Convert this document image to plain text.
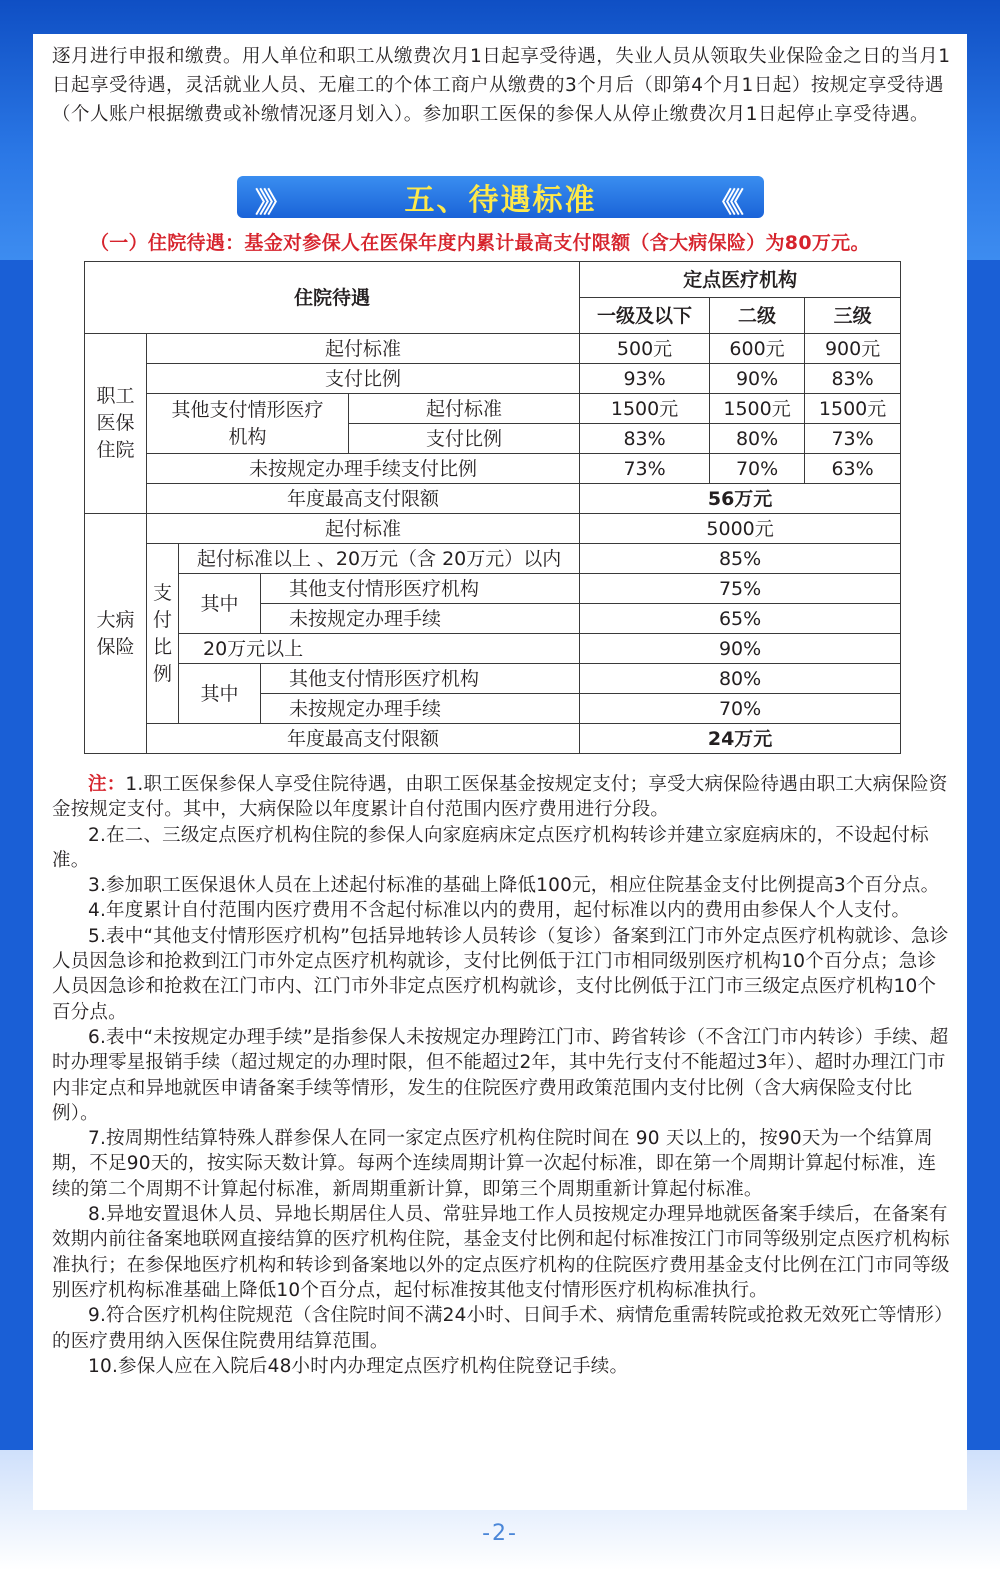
逐月进行申报和缴费。用人单位和职工从缴费次月1日起享受待遇，失业人员从领取失业保险金之日的当月1日起享受待遇，灵活就业人员、无雇工的个体工商户从缴费的3个月后（即第4个月1日起）按规定享受待遇（个人账户根据缴费或补缴情况逐月划入）。参加职工医保的参保人从停止缴费次月1日起停止享受待遇。
》》	五、待遇标准	《《
（一）住院待遇：基金对参保人在医保年度内累计最高支付限额（含大病保险）为80万元。
住院待遇					定点医疗机构		
					一级及以下	二级	三级

职工医保住院	起付标准				500元	600元	900元
	支付比例				93%	90%	83%

	其他支付情形医疗机构			起付标准	1500元	1500元	1500元
				支付比例	83%	80%	73%
	未按规定办理手续支付比例				73%	70%	63%
	年度最高支付限额				56万元		

大病保险	起付标准				5000元		

	支付比例	起付标准以上 、20万元（含 20万元）以内			85%		
		其中	其他支付情形医疗机构		75%		
			未按规定办理手续		65%		
		20万元以上			90%		
		其中	其他支付情形医疗机构		80%		
			未按规定办理手续		70%		
	年度最高支付限额				24万元		

注：1.职工医保参保人享受住院待遇，由职工医保基金按规定支付；享受大病保险待遇由职工大病保险资金按规定支付。其中，大病保险以年度累计自付范围内医疗费用进行分段。

2.在二、三级定点医疗机构住院的参保人向家庭病床定点医疗机构转诊并建立家庭病床的，不设起付标准。

3.参加职工医保退休人员在上述起付标准的基础上降低100元，相应住院基金支付比例提高3个百分点。

4.年度累计自付范围内医疗费用不含起付标准以内的费用，起付标准以内的费用由参保人个人支付。

5.表中“其他支付情形医疗机构”包括异地转诊人员转诊（复诊）备案到江门市外定点医疗机构就诊、急诊人员因急诊和抢救到江门市外定点医疗机构就诊，支付比例低于江门市相同级别医疗机构10个百分点；急诊人员因急诊和抢救在江门市内、江门市外非定点医疗机构就诊，支付比例低于江门市三级定点医疗机构10个百分点。

6.表中“未按规定办理手续”是指参保人未按规定办理跨江门市、跨省转诊（不含江门市内转诊）手续、超时办理零星报销手续（超过规定的办理时限，但不能超过2年，其中先行支付不能超过3年）、超时办理江门市内非定点和异地就医申请备案手续等情形，发生的住院医疗费用政策范围内支付比例（含大病保险支付比例）。

7.按周期性结算特殊人群参保人在同一家定点医疗机构住院时间在 90 天以上的，按90天为一个结算周期，不足90天的，按实际天数计算。每两个连续周期计算一次起付标准，即在第一个周期计算起付标准，连续的第二个周期不计算起付标准，新周期重新计算，即第三个周期重新计算起付标准。

8.异地安置退休人员、异地长期居住人员、常驻异地工作人员按规定办理异地就医备案手续后，在备案有效期内前往备案地联网直接结算的医疗机构住院，基金支付比例和起付标准按江门市同等级别定点医疗机构标准执行；在参保地医疗机构和转诊到备案地以外的定点医疗机构的住院医疗费用基金支付比例在江门市同等级别医疗机构标准基础上降低10个百分点，起付标准按其他支付情形医疗机构标准执行。

9.符合医疗机构住院规范（含住院时间不满24小时、日间手术、病情危重需转院或抢救无效死亡等情形）的医疗费用纳入医保住院费用结算范围。

10.参保人应在入院后48小时内办理定点医疗机构住院登记手续。

-2-
